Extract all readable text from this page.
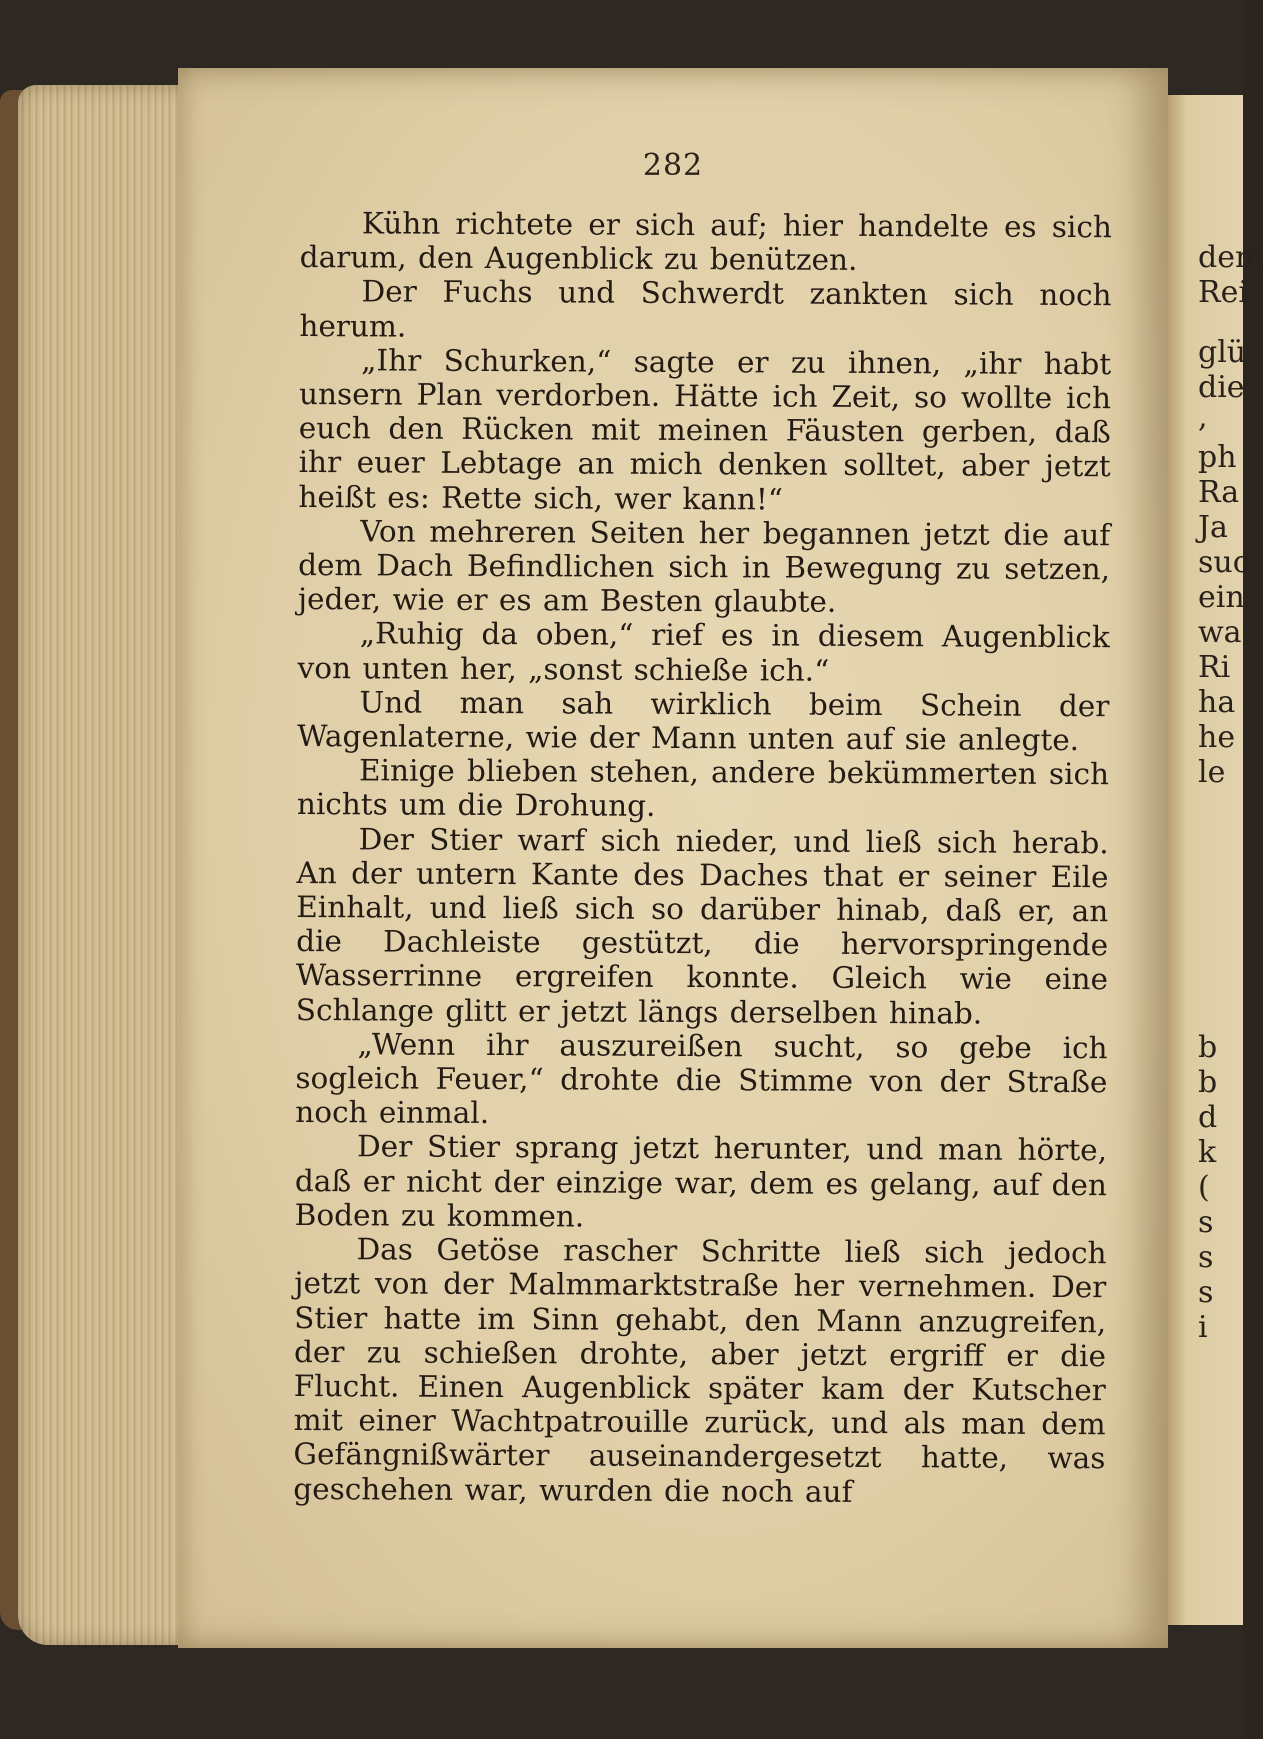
282

Kühn richtete er sich auf; hier handelte es sich darum, den Augenblick zu benützen.

Der Fuchs und Schwerdt zankten sich noch herum.

„Ihr Schurken,“ sagte er zu ihnen, „ihr habt unsern Plan verdorben. Hätte ich Zeit, so wollte ich euch den Rücken mit meinen Fäusten gerben, daß ihr euer Lebtage an mich denken solltet, aber jetzt heißt es: Rette sich, wer kann!“

Von mehreren Seiten her begannen jetzt die auf dem Dach Befindlichen sich in Bewegung zu setzen, jeder, wie er es am Besten glaubte.

„Ruhig da oben,“ rief es in diesem Augenblick von unten her, „sonst schieße ich.“

Und man sah wirklich beim Schein der Wagenlaterne, wie der Mann unten auf sie anlegte.

Einige blieben stehen, andere bekümmerten sich nichts um die Drohung.

Der Stier warf sich nieder, und ließ sich herab. An der untern Kante des Daches that er seiner Eile Einhalt, und ließ sich so darüber hinab, daß er, an die Dachleiste gestützt, die hervorspringende Wasserrinne ergreifen konnte. Gleich wie eine Schlange glitt er jetzt längs derselben hinab.

„Wenn ihr auszureißen sucht, so gebe ich sogleich Feuer,“ drohte die Stimme von der Straße noch einmal.

Der Stier sprang jetzt herunter, und man hörte, daß er nicht der einzige war, dem es gelang, auf den Boden zu kommen.

Das Getöse rascher Schritte ließ sich jedoch jetzt von der Malmmarktstraße her vernehmen. Der Stier hatte im Sinn gehabt, den Mann anzugreifen, der zu schießen drohte, aber jetzt ergriff er die Flucht. Einen Augenblick später kam der Kutscher mit einer Wachtpatrouille zurück, und als man dem Gefängnißwärter auseinandergesetzt hatte, was geschehen war, wurden die noch auf

dem
Rei
glü
die
,
ph
Ra
Ja
suc
ein
wa
Ri
ha
he
le
b
b
d
k
(
s
s
s
i
